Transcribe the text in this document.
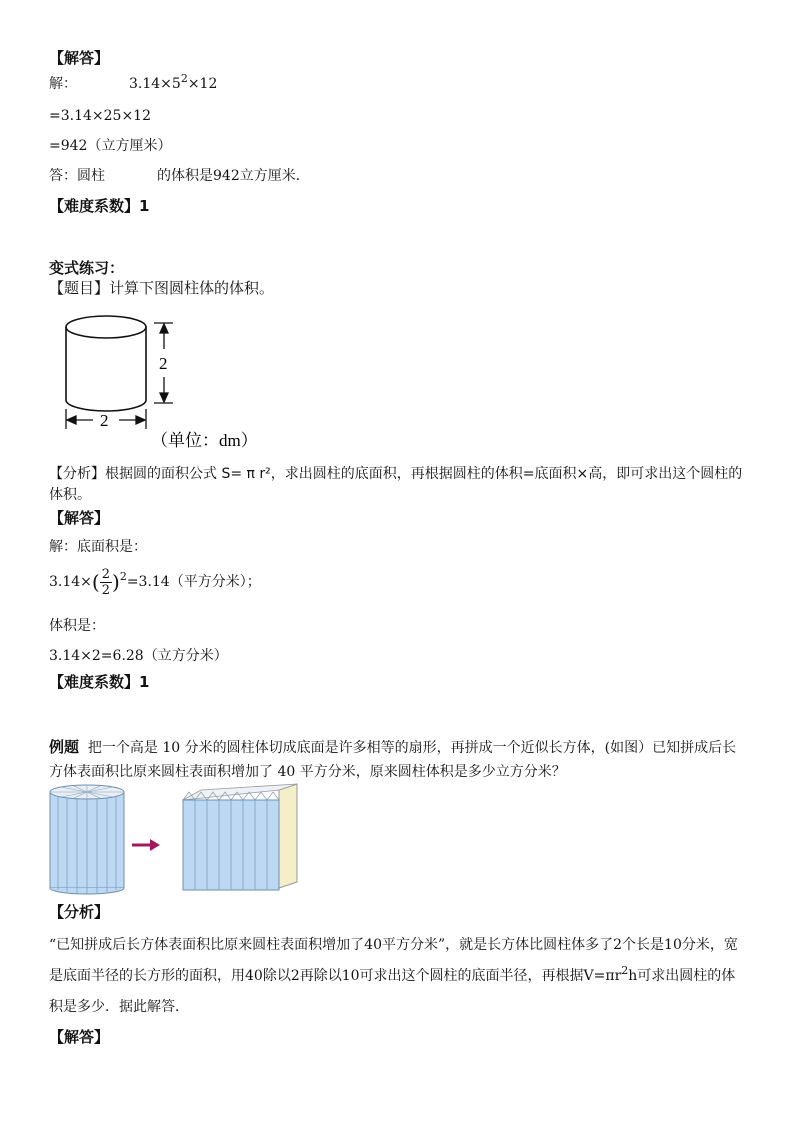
【解答】
解：	$3.14\times 5^2\times 12$
=3.14×25×12
=942（立方厘米）
答：圆柱	的体积是942立方厘米．
【难度系数】1
变式练习：
【题目】计算下图圆柱体的体积。
2
2
（单位：dm）
【分析】根据圆的面积公式 S= π r²，求出圆柱的底面积，再根据圆柱的体积=底面积×高，即可求出这个圆柱的体积。
【解答】
解：底面积是：
$3.14\times( \frac{2}{2} )^2=3.14$（平方分米）；
体积是：
3.14×2=6.28（立方分米）
【难度系数】1
例题 把一个高是 10 分米的圆柱体切成底面是许多相等的扇形，再拼成一个近似长方体，(如图）已知拼成后长方体表面积比原来圆柱表面积增加了 40 平方分米，原来圆柱体积是多少立方分米？
【分析】
“已知拼成后长方体表面积比原来圆柱表面积增加了40平方分米”，就是长方体比圆柱体多了2个长是10分米，宽是底面半径的长方形的面积，用40除以2再除以10可求出这个圆柱的底面半径，再根据$V=\pi r^2h$可求出圆柱的体积是多少．据此解答．
【解答】
